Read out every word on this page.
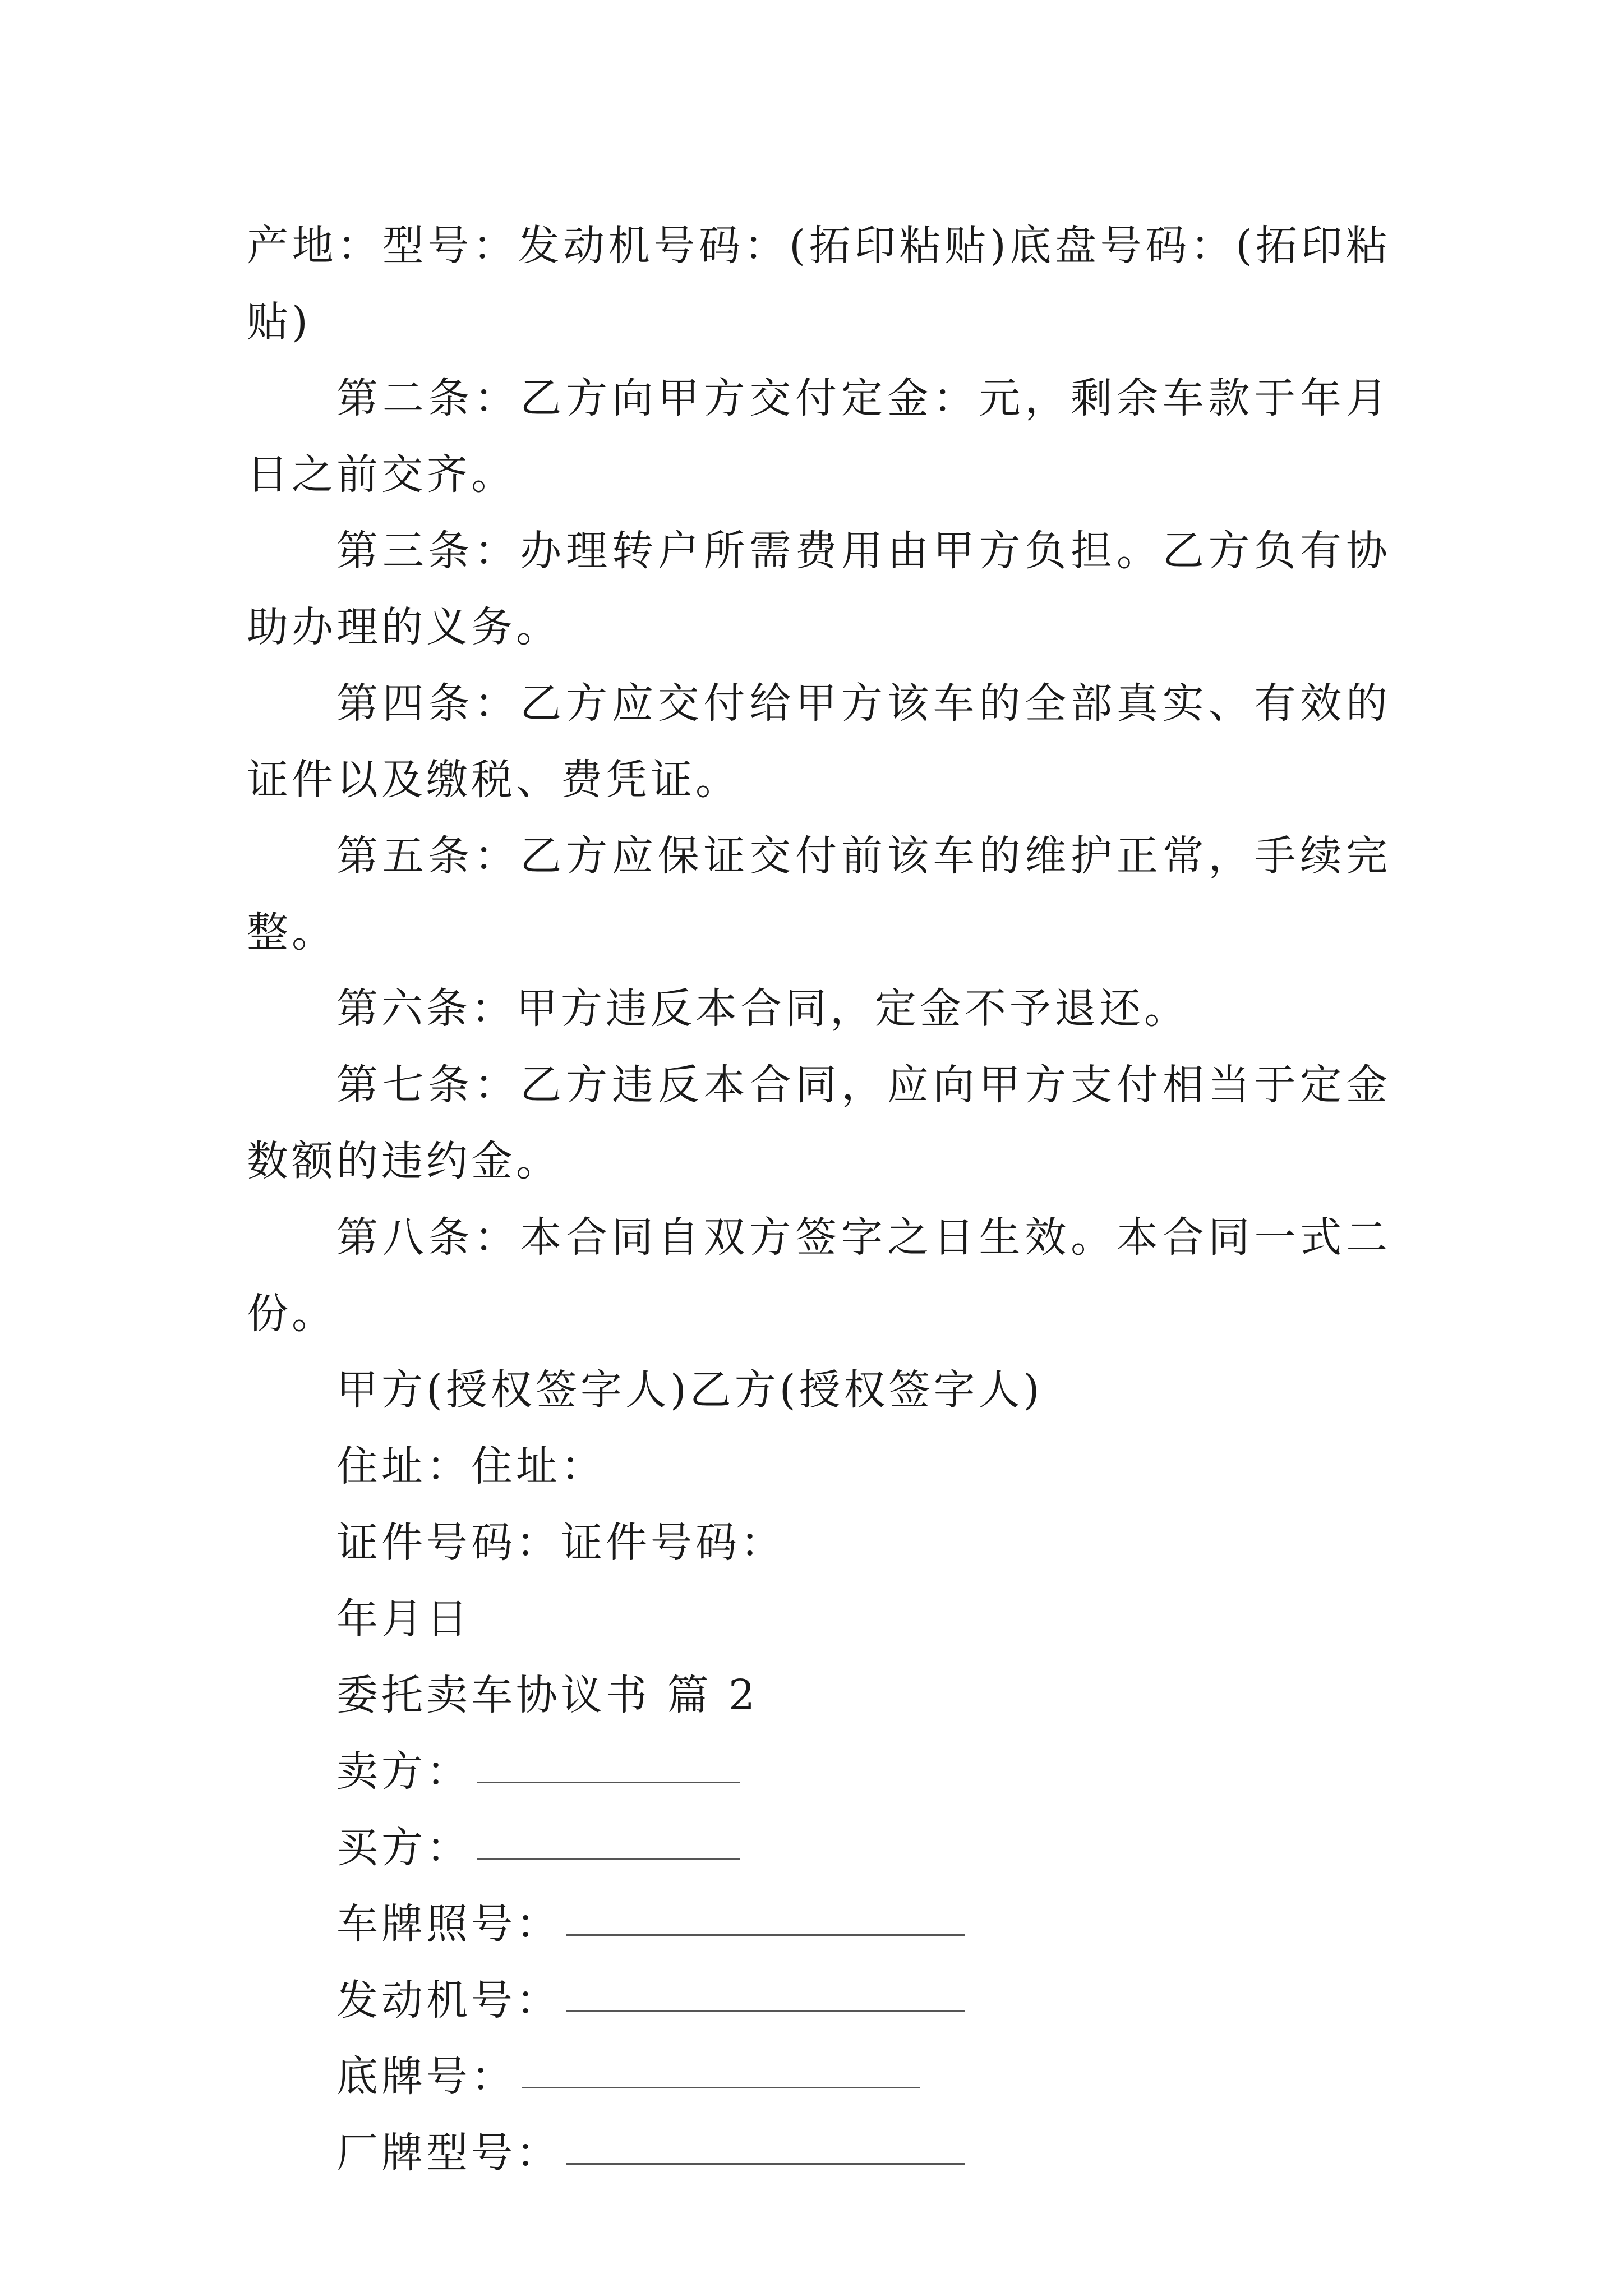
产地：型号：发动机号码：(拓印粘贴)底盘号码：(拓印粘贴)

第二条：乙方向甲方交付定金：元，剩余车款于年月日之前交齐。

第三条：办理转户所需费用由甲方负担。乙方负有协助办理的义务。

第四条：乙方应交付给甲方该车的全部真实、有效的证件以及缴税、费凭证。

第五条：乙方应保证交付前该车的维护正常，手续完整。

第六条：甲方违反本合同，定金不予退还。

第七条：乙方违反本合同，应向甲方支付相当于定金数额的违约金。

第八条：本合同自双方签字之日生效。本合同一式二份。

甲方(授权签字人)乙方(授权签字人)

住址：住址：

证件号码：证件号码：

年月日

委托卖车协议书 篇 2

卖方：

买方：

车牌照号：

发动机号：

底牌号：

厂牌型号：
